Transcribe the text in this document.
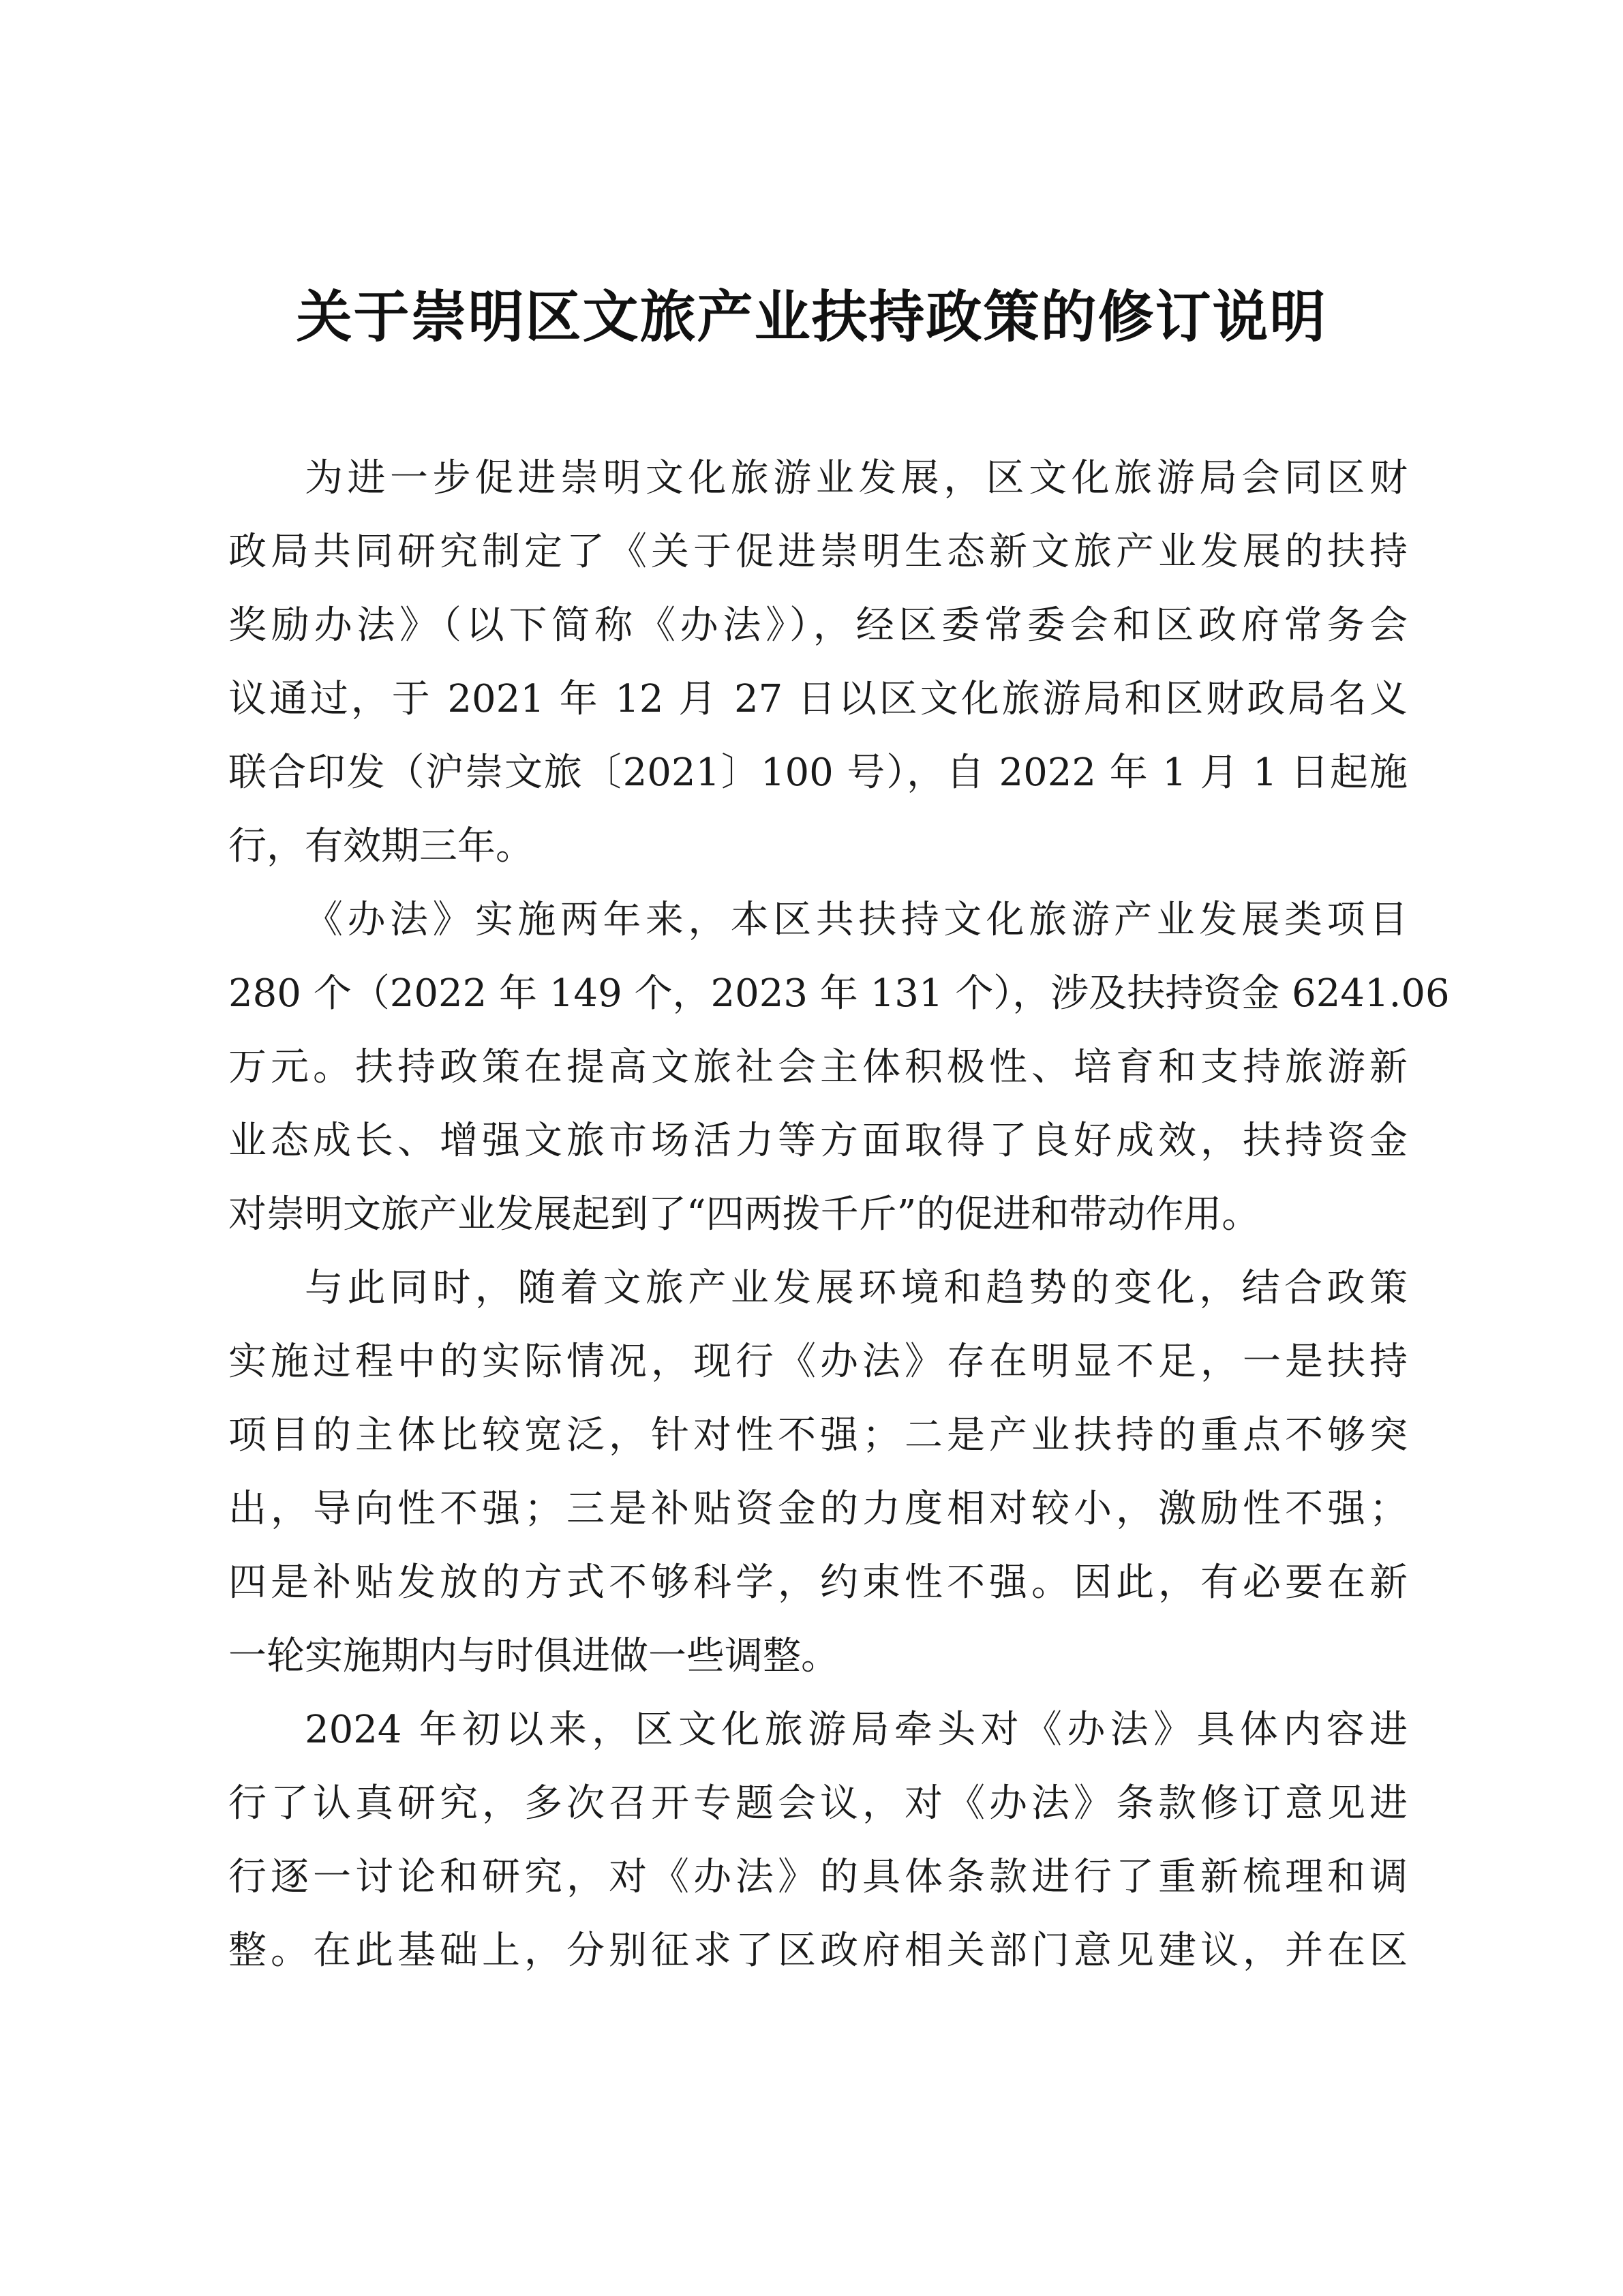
关于崇明区文旅产业扶持政策的修订说明
为进一步促进崇明文化旅游业发展，区文化旅游局会同区财
政局共同研究制定了《关于促进崇明生态新文旅产业发展的扶持
奖励办法》（以下简称《办法》），经区委常委会和区政府常务会
议通过，于 2021 年 12 月 27 日以区文化旅游局和区财政局名义
联合印发（沪崇文旅〔2021〕100 号），自 2022 年 1 月 1 日起施
行，有效期三年。
《办法》实施两年来，本区共扶持文化旅游产业发展类项目
280 个（2022 年 149 个，2023 年 131 个），涉及扶持资金 6241.06
万元。扶持政策在提高文旅社会主体积极性、培育和支持旅游新
业态成长、增强文旅市场活力等方面取得了良好成效，扶持资金
对崇明文旅产业发展起到了“四两拨千斤”的促进和带动作用。
与此同时，随着文旅产业发展环境和趋势的变化，结合政策
实施过程中的实际情况，现行《办法》存在明显不足，一是扶持
项目的主体比较宽泛，针对性不强；二是产业扶持的重点不够突
出，导向性不强；三是补贴资金的力度相对较小，激励性不强；
四是补贴发放的方式不够科学，约束性不强。因此，有必要在新
一轮实施期内与时俱进做一些调整。
2024 年初以来，区文化旅游局牵头对《办法》具体内容进
行了认真研究，多次召开专题会议，对《办法》条款修订意见进
行逐一讨论和研究，对《办法》的具体条款进行了重新梳理和调
整。在此基础上，分别征求了区政府相关部门意见建议，并在区
